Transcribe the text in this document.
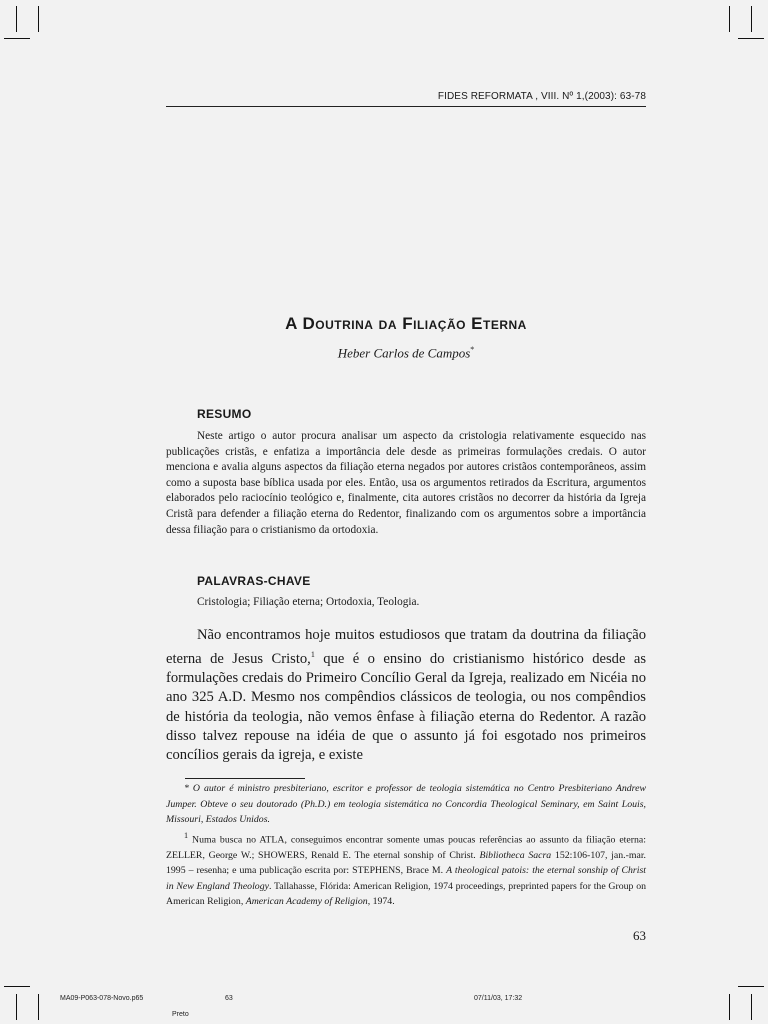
FIDES REFORMATA , VIII. Nº 1,(2003): 63-78
A Doutrina da Filiação Eterna
Heber Carlos de Campos*
RESUMO

Neste artigo o autor procura analisar um aspecto da cristologia relativamente esquecido nas publicações cristãs, e enfatiza a importância dele desde as primeiras formulações credais. O autor menciona e avalia alguns aspectos da filiação eterna negados por autores cristãos contemporâneos, assim como a suposta base bíblica usada por eles. Então, usa os argumentos retirados da Escritura, argumentos elaborados pelo raciocínio teológico e, finalmente, cita autores cristãos no decorrer da história da Igreja Cristã para defender a filiação eterna do Redentor, finalizando com os argumentos sobre a importância dessa filiação para o cristianismo da ortodoxia.

PALAVRAS-CHAVE

Cristologia; Filiação eterna; Ortodoxia, Teologia.

Não encontramos hoje muitos estudiosos que tratam da doutrina da filiação eterna de Jesus Cristo,$^1$ que é o ensino do cristianismo histórico desde as formulações credais do Primeiro Concílio Geral da Igreja, realizado em Nicéia no ano 325 A.D. Mesmo nos compêndios clássicos de teologia, ou nos compêndios de história da teologia, não vemos ênfase à filiação eterna do Redentor. A razão disso talvez repouse na idéia de que o assunto já foi esgotado nos primeiros concílios gerais da igreja, e existe

* O autor é ministro presbiteriano, escritor e professor de teologia sistemática no Centro Presbiteriano Andrew Jumper. Obteve o seu doutorado (Ph.D.) em teologia sistemática no Concordia Theological Seminary, em Saint Louis, Missouri, Estados Unidos.

$^1$ Numa busca no ATLA, conseguimos encontrar somente umas poucas referências ao assunto da filiação eterna: ZELLER, George W.; SHOWERS, Renald E. The eternal sonship of Christ. Bibliotheca Sacra 152:106-107, jan.-mar. 1995 – resenha; e uma publicação escrita por: STEPHENS, Brace M. A theological patois: the eternal sonship of Christ in New England Theology. Tallahasse, Flórida: American Religion, 1974 proceedings, preprinted papers for the Group on American Religion, American Academy of Religion, 1974.

63
MA09-P063-078-Novo.p65	63	07/11/03, 17:32
Preto
